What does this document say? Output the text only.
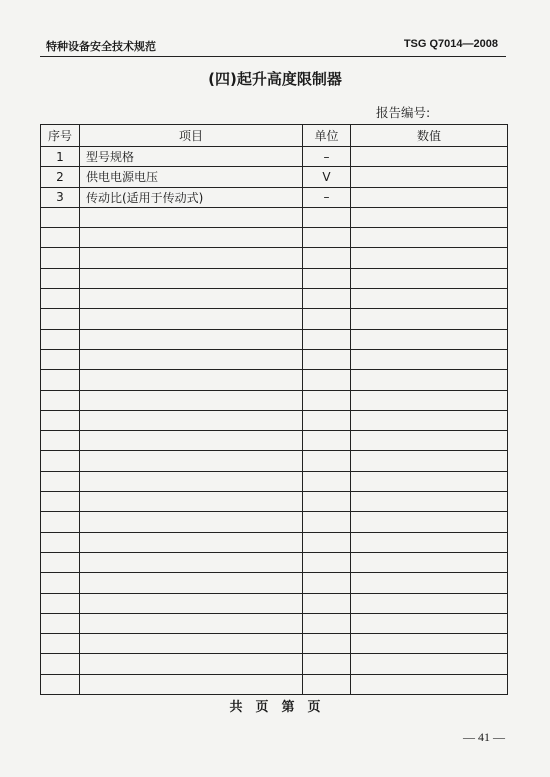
特种设备安全技术规范	TSG Q7014—2008
(四)起升高度限制器
报告编号:
序号	项目	单位	数值
1	型号规格	–	
2	供电电源电压	V	
3	传动比(适用于传动式)	–	

共　页　第　页
— 41 —
